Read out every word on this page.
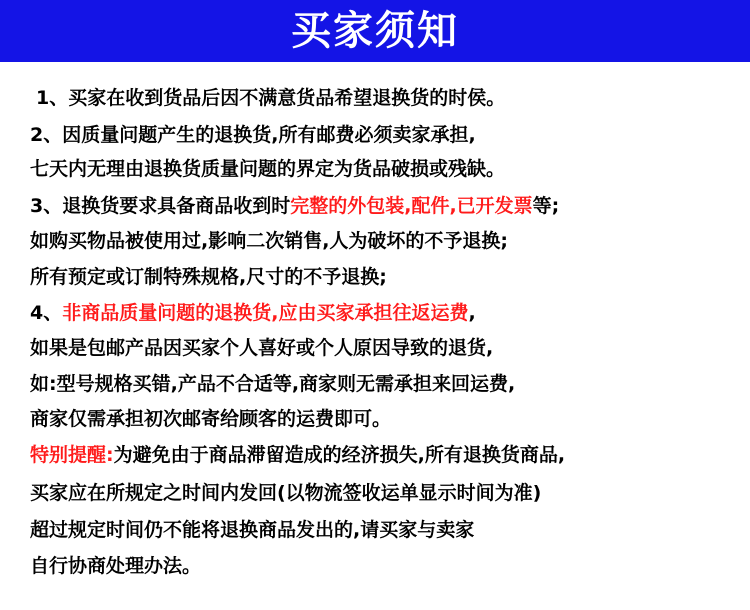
买家须知
1、买家在收到货品后因不满意货品希望退换货的时侯。
2、因质量问题产生的退换货,所有邮费必须卖家承担,
七天内无理由退换货质量问题的界定为货品破损或残缺。
3、退换货要求具备商品收到时完整的外包装,配件,已开发票等;
如购买物品被使用过,影响二次销售,人为破坏的不予退换;
所有预定或订制特殊规格,尺寸的不予退换;
4、非商品质量问题的退换货,应由买家承担往返运费,
如果是包邮产品因买家个人喜好或个人原因导致的退货,
如:型号规格买错,产品不合适等,商家则无需承担来回运费,
商家仅需承担初次邮寄给顾客的运费即可。
特别提醒:为避免由于商品滞留造成的经济损失,所有退换货商品,
买家应在所规定之时间内发回(以物流签收运单显示时间为准)
超过规定时间仍不能将退换商品发出的,请买家与卖家
自行协商处理办法。
